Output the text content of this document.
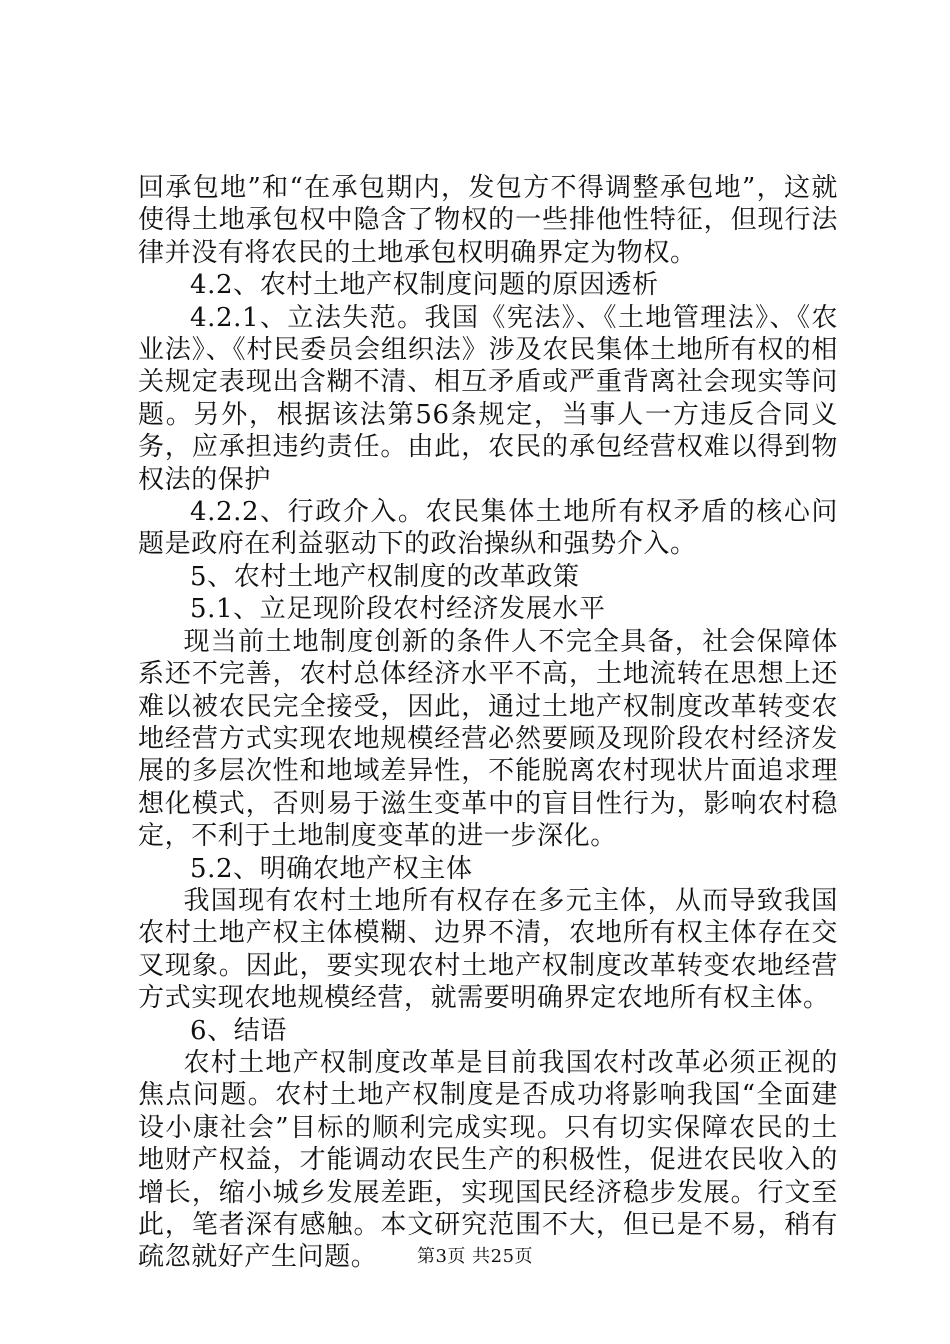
回承包地”和“在承包期内，发包方不得调整承包地”，这就使得土地承包权中隐含了物权的一些排他性特征，但现行法律并没有将农民的土地承包权明确界定为物权。

4.2、农村土地产权制度问题的原因透析

4.2.1、立法失范。我国《宪法》、《土地管理法》、《农业法》、《村民委员会组织法》涉及农民集体土地所有权的相关规定表现出含糊不清、相互矛盾或严重背离社会现实等问题。另外，根据该法第56条规定，当事人一方违反合同义务，应承担违约责任。由此，农民的承包经营权难以得到物权法的保护

4.2.2、行政介入。农民集体土地所有权矛盾的核心问题是政府在利益驱动下的政治操纵和强势介入。

5、农村土地产权制度的改革政策

5.1、立足现阶段农村经济发展水平

现当前土地制度创新的条件人不完全具备，社会保障体系还不完善，农村总体经济水平不高，土地流转在思想上还难以被农民完全接受，因此，通过土地产权制度改革转变农地经营方式实现农地规模经营必然要顾及现阶段农村经济发展的多层次性和地域差异性，不能脱离农村现状片面追求理想化模式，否则易于滋生变革中的盲目性行为，影响农村稳定，不利于土地制度变革的进一步深化。

5.2、明确农地产权主体

我国现有农村土地所有权存在多元主体，从而导致我国农村土地产权主体模糊、边界不清，农地所有权主体存在交叉现象。因此，要实现农村土地产权制度改革转变农地经营方式实现农地规模经营，就需要明确界定农地所有权主体。

6、结语

农村土地产权制度改革是目前我国农村改革必须正视的焦点问题。农村土地产权制度是否成功将影响我国“全面建设小康社会”目标的顺利完成实现。只有切实保障农民的土地财产权益，才能调动农民生产的积极性，促进农民收入的增长，缩小城乡发展差距，实现国民经济稳步发展。行文至此，笔者深有感触。本文研究范围不大，但已是不易，稍有疏忽就好产生问题。	第3页 共25页
